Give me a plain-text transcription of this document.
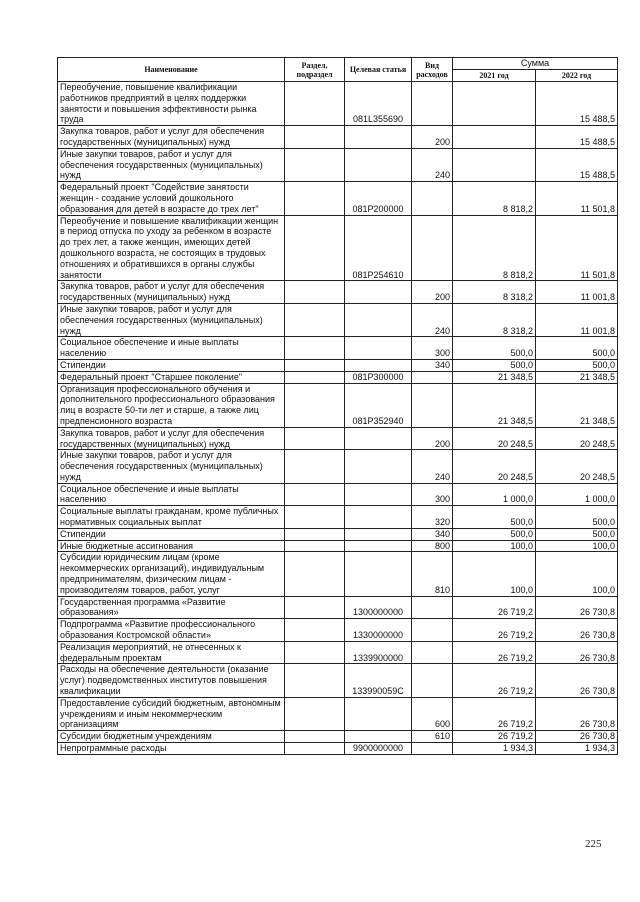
Наименование	Раздел, подраздел	Целевая статья	Вид расходов	Сумма	
				2021 год	2022 год
Переобучение, повышение квалификации работников предприятий в целях поддержки занятости и повышения эффективности рынка труда		081L355690			15 488,5
Закупка товаров, работ и услуг для обеспечения государственных (муниципальных) нужд			200		15 488,5
Иные закупки товаров, работ и услуг для обеспечения государственных (муниципальных) нужд			240		15 488,5
Федеральный проект "Содействие занятости женщин - создание условий дошкольного образования для детей в возрасте до трех лет"		081P200000		8 818,2	11 501,8
Переобучение и повышение квалификации женщин в период отпуска по уходу за ребенком в возрасте до трех лет, а также женщин, имеющих детей дошкольного возраста, не состоящих в трудовых отношениях и обратившихся в органы службы занятости		081P254610		8 818,2	11 501,8
Закупка товаров, работ и услуг для обеспечения государственных (муниципальных) нужд			200	8 318,2	11 001,8
Иные закупки товаров, работ и услуг для обеспечения государственных (муниципальных) нужд			240	8 318,2	11 001,8
Социальное обеспечение и иные выплаты населению			300	500,0	500,0
Стипендии			340	500,0	500,0
Федеральный проект "Старшее поколение"		081P300000		21 348,5	21 348,5
Организация профессионального обучения и дополнительного профессионального образования лиц в возрасте 50-ти лет и старше, а также лиц предпенсионного возраста		081P352940		21 348,5	21 348,5
Закупка товаров, работ и услуг для обеспечения государственных (муниципальных) нужд			200	20 248,5	20 248,5
Иные закупки товаров, работ и услуг для обеспечения государственных (муниципальных) нужд			240	20 248,5	20 248,5
Социальное обеспечение и иные выплаты населению			300	1 000,0	1 000,0
Социальные выплаты гражданам, кроме публичных нормативных социальных выплат			320	500,0	500,0
Стипендии			340	500,0	500,0
Иные бюджетные ассигнования			800	100,0	100,0
Субсидии юридическим лицам (кроме некоммерческих организаций), индивидуальным предпринимателям, физическим лицам - производителям товаров, работ, услуг			810	100,0	100,0
Государственная программа «Развитие образования»		1300000000		26 719,2	26 730,8
Подпрограмма «Развитие профессионального образования Костромской области»		1330000000		26 719,2	26 730,8
Реализация мероприятий, не отнесенных к федеральным проектам		1339900000		26 719,2	26 730,8
Расходы на обеспечение деятельности (оказание услуг) подведомственных институтов повышения квалификации		133990059С		26 719,2	26 730,8
Предоставление субсидий бюджетным, автономным учреждениям и иным некоммерческим организациям			600	26 719,2	26 730,8
Субсидии бюджетным учреждениям			610	26 719,2	26 730,8
Непрограммные расходы		9900000000		1 934,3	1 934,3
225
